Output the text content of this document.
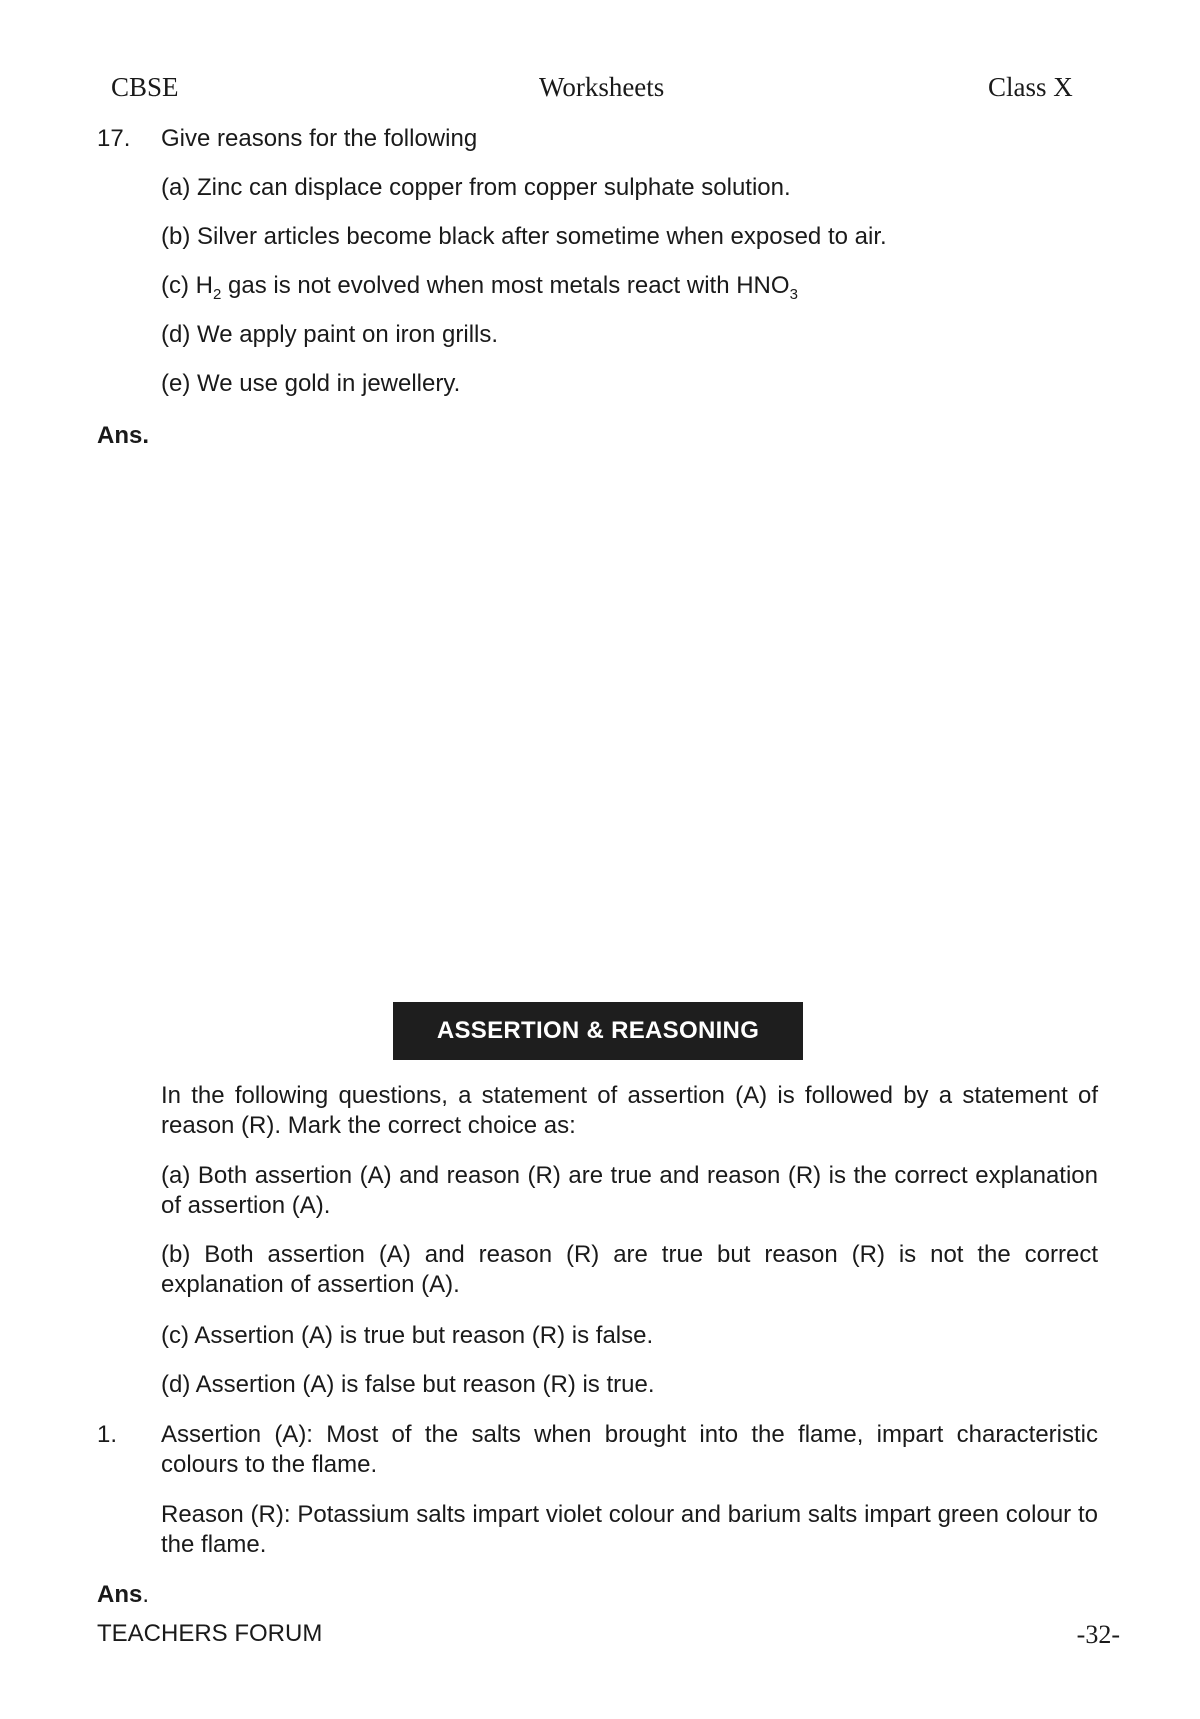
CBSE	Worksheets	Class X
17. Give reasons for the following
(a) Zinc can displace copper from copper sulphate solution.
(b) Silver articles become black after sometime when exposed to air.
(c) $H_2$ gas is not evolved when most metals react with $HNO_3$
(d) We apply paint on iron grills.
(e) We use gold in jewellery.
Ans.
ASSERTION & REASONING
In the following questions, a statement of assertion (A) is followed by a statement of reason (R). Mark the correct choice as:
(a) Both assertion (A) and reason (R) are true and reason (R) is the correct explanation of assertion (A).
(b) Both assertion (A) and reason (R) are true but reason (R) is not the correct explanation of assertion (A).
(c) Assertion (A) is true but reason (R) is false.
(d) Assertion (A) is false but reason (R) is true.
1. Assertion (A): Most of the salts when brought into the flame, impart characteristic colours to the flame.
Reason (R): Potassium salts impart violet colour and barium salts impart green colour to the flame.
Ans.
TEACHERS FORUM	-32-
